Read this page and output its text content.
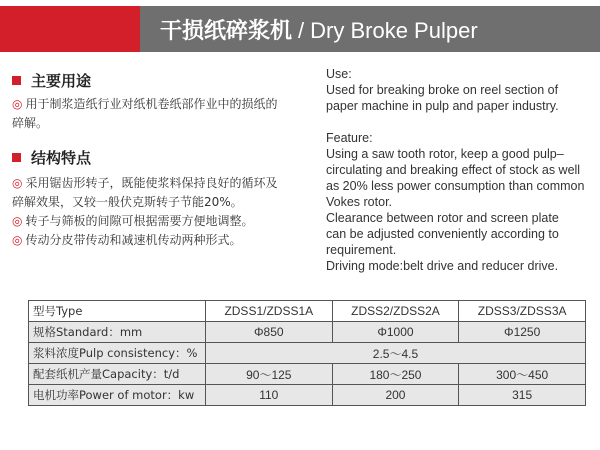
干损纸碎浆机 / Dry Broke Pulper
主要用途

◎ 用于制浆造纸行业对纸机卷纸部作业中的损纸的

碎解。

结构特点

◎ 采用锯齿形转子，既能使浆料保持良好的循环及

碎解效果，又较一般伏克斯转子节能20%。

◎ 转子与筛板的间隙可根据需要方便地调整。

◎ 传动分皮带传动和减速机传动两种形式。

Use:

Used for breaking broke on reel section of

paper machine in pulp and paper industry.

Feature:

Using a saw tooth rotor, keep a good pulp–

circulating and breaking effect of stock as well

as 20% less power consumption than common

Vokes rotor.

Clearance between rotor and screen plate

can be adjusted conveniently according to

requirement.

Driving mode:belt drive and reducer drive.

型号Type	ZDSS1/ZDSS1A	ZDSS2/ZDSS2A	ZDSS3/ZDSS3A
规格Standard：mm	Φ850	Φ1000	Φ1250
浆料浓度Pulp consistency：%	2.5～4.5		
配套纸机产量Capacity：t/d	90～125	180～250	300～450
电机功率Power of motor：kw	110	200	315
